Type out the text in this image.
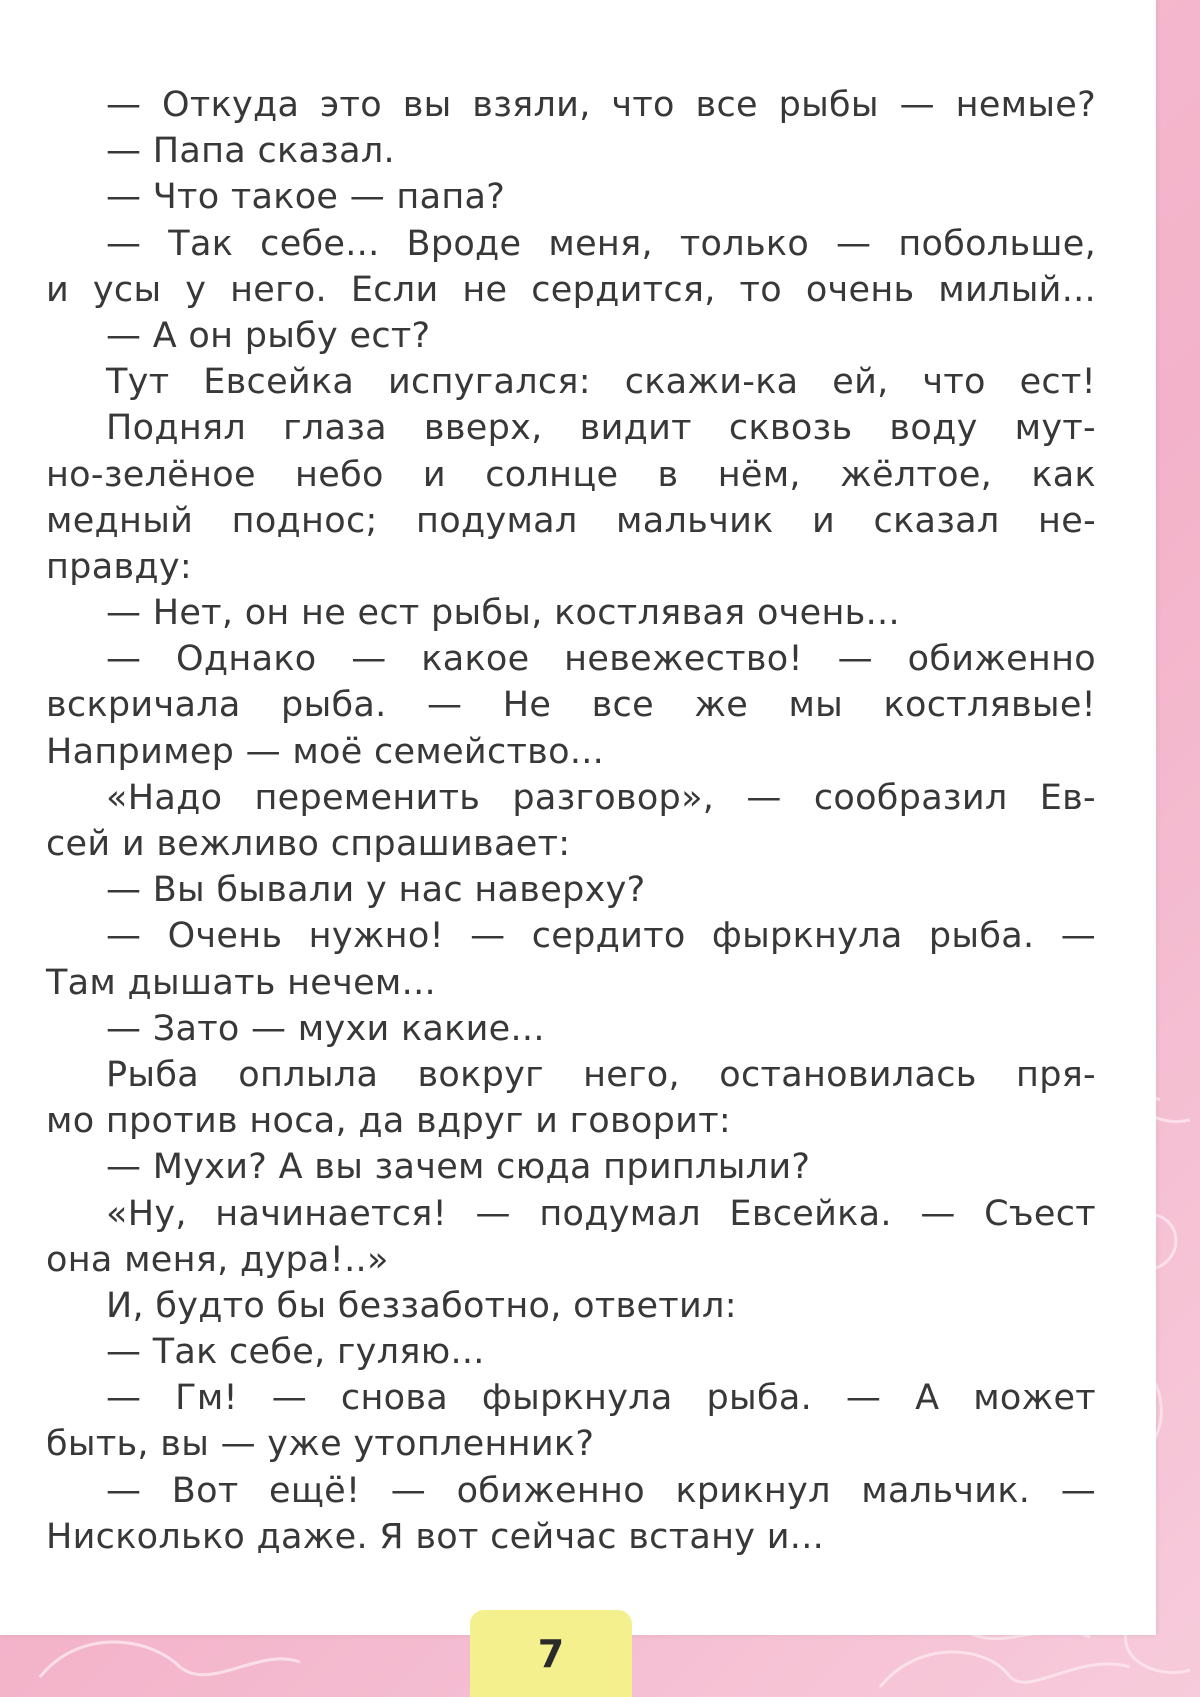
— Откуда это вы взяли, что все рыбы — немые?
— Папа сказал.
— Что такое — папа?
— Так себе... Вроде меня, только — побольше,
и усы у него. Если не сердится, то очень милый...
— А он рыбу ест?
Тут Евсейка испугался: скажи-ка ей, что ест!
Поднял глаза вверх, видит сквозь воду мут-
но-зелёное небо и солнце в нём, жёлтое, как
медный поднос; подумал мальчик и сказал не-
правду:
— Нет, он не ест рыбы, костлявая очень...
— Однако — какое невежество! — обиженно
вскричала рыба. — Не все же мы костлявые!
Например — моё семейство...
«Надо переменить разговор», — сообразил Ев-
сей и вежливо спрашивает:
— Вы бывали у нас наверху?
— Очень нужно! — сердито фыркнула рыба. —
Там дышать нечем...
— Зато — мухи какие...
Рыба оплыла вокруг него, остановилась пря-
мо против носа, да вдруг и говорит:
— Мухи? А вы зачем сюда приплыли?
«Ну, начинается! — подумал Евсейка. — Съест
она меня, дура!..»
И, будто бы беззаботно, ответил:
— Так себе, гуляю...
— Гм! — снова фыркнула рыба. — А может
быть, вы — уже утопленник?
— Вот ещё! — обиженно крикнул мальчик. —
Нисколько даже. Я вот сейчас встану и...
7
